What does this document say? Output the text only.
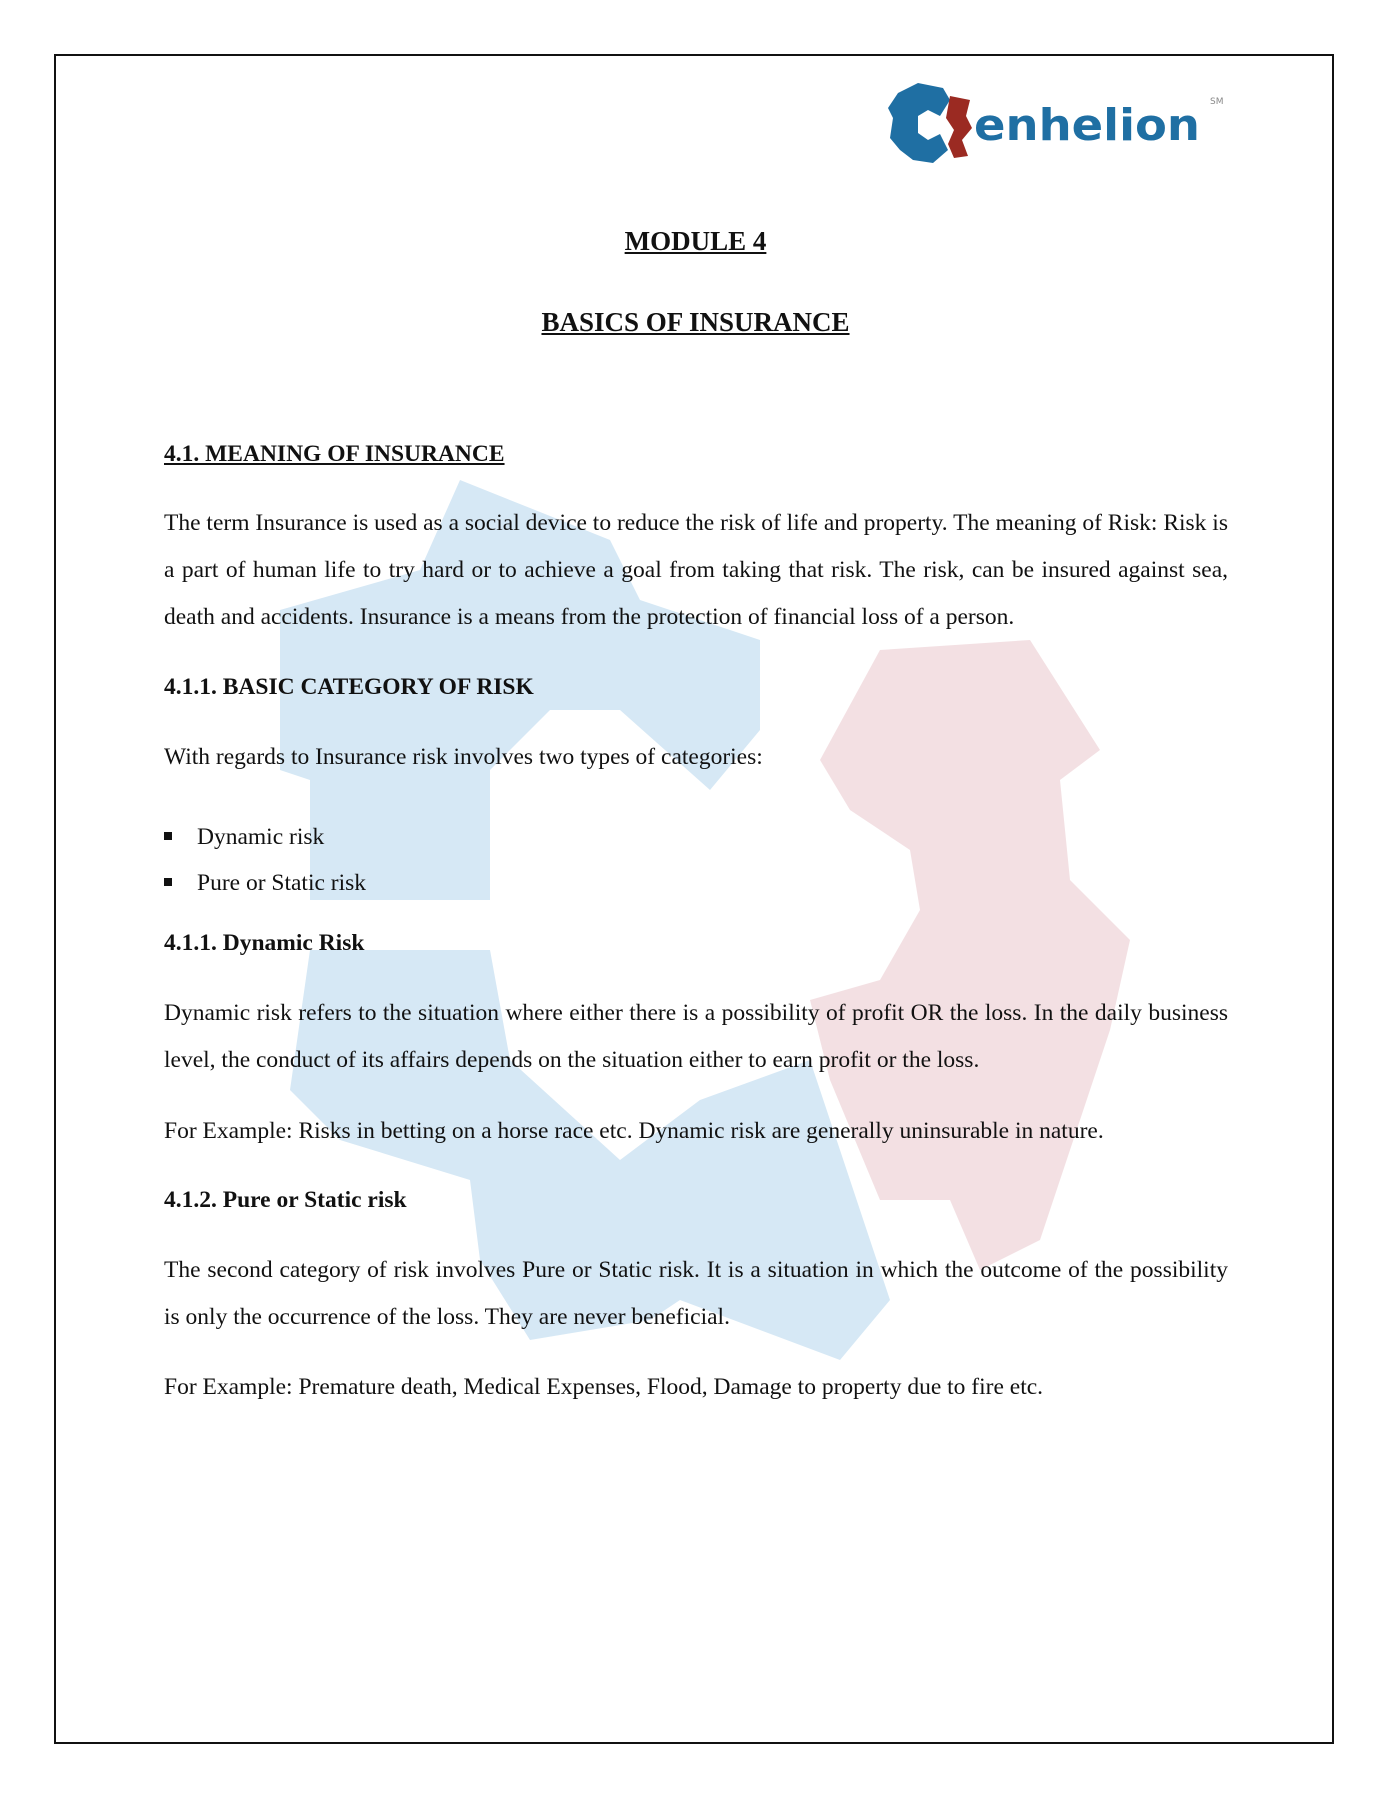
enhelion SM
MODULE 4
BASICS OF INSURANCE
4.1. MEANING OF INSURANCE
The term Insurance is used as a social device to reduce the risk of life and property. The meaning of Risk: Risk is a part of human life to try hard or to achieve a goal from taking that risk. The risk, can be insured against sea, death and accidents. Insurance is a means from the protection of financial loss of a person.
4.1.1. BASIC CATEGORY OF RISK
With regards to Insurance risk involves two types of categories:
Dynamic risk
Pure or Static risk
4.1.1. Dynamic Risk
Dynamic risk refers to the situation where either there is a possibility of profit OR the loss. In the daily business level, the conduct of its affairs depends on the situation either to earn profit or the loss.
For Example: Risks in betting on a horse race etc. Dynamic risk are generally uninsurable in nature.
4.1.2. Pure or Static risk
The second category of risk involves Pure or Static risk. It is a situation in which the outcome of the possibility is only the occurrence of the loss. They are never beneficial.
For Example: Premature death, Medical Expenses, Flood, Damage to property due to fire etc.
